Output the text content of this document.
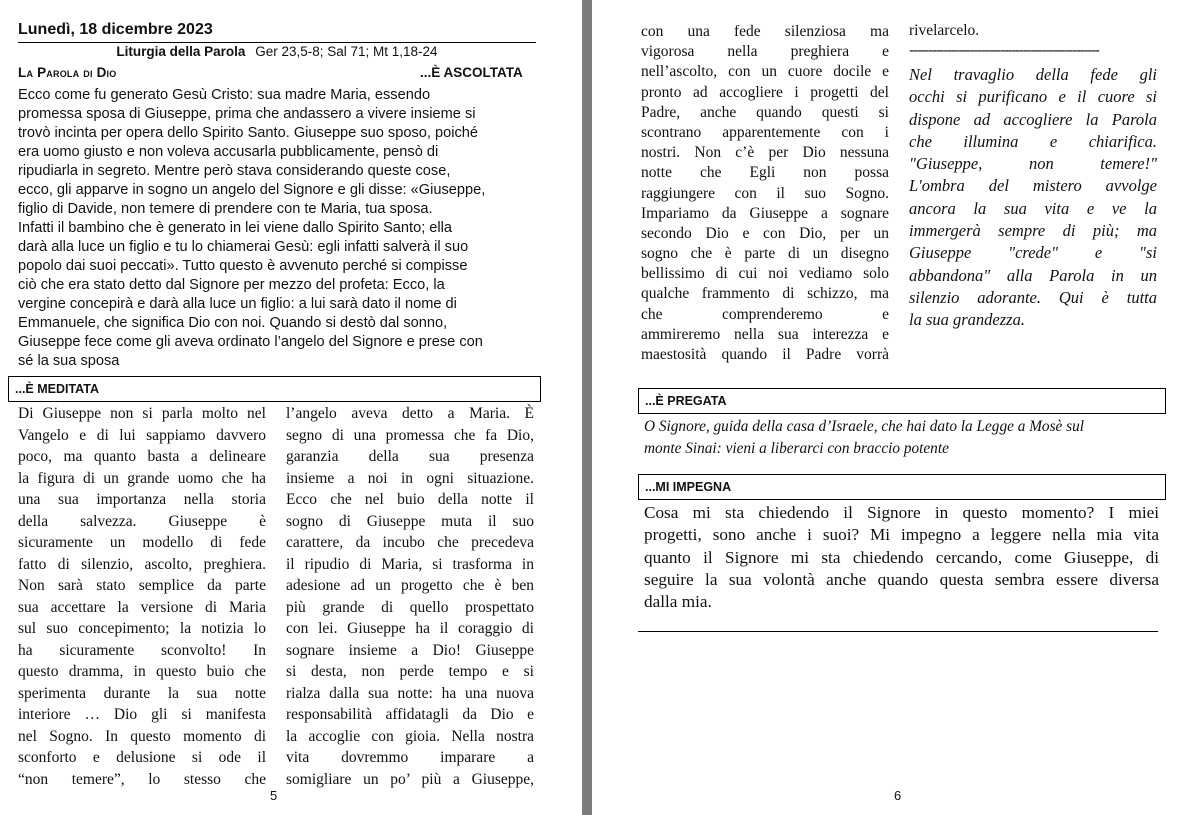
Lunedì, 18 dicembre 2023
Liturgia della Parola Ger 23,5-8; Sal 71; Mt 1,18-24
La Parola di Dio	...È ASCOLTATA
Ecco come fu generato Gesù Cristo: sua madre Maria, essendo
promessa sposa di Giuseppe, prima che andassero a vivere insieme si
trovò incinta per opera dello Spirito Santo. Giuseppe suo sposo, poiché
era uomo giusto e non voleva accusarla pubblicamente, pensò di
ripudiarla in segreto. Mentre però stava considerando queste cose,
ecco, gli apparve in sogno un angelo del Signore e gli disse: «Giuseppe,
figlio di Davide, non temere di prendere con te Maria, tua sposa.
Infatti il bambino che è generato in lei viene dallo Spirito Santo; ella
darà alla luce un figlio e tu lo chiamerai Gesù: egli infatti salverà il suo
popolo dai suoi peccati». Tutto questo è avvenuto perché si compisse
ciò che era stato detto dal Signore per mezzo del profeta: Ecco, la
vergine concepirà e darà alla luce un figlio: a lui sarà dato il nome di
Emmanuele, che significa Dio con noi. Quando si destò dal sonno,
Giuseppe fece come gli aveva ordinato l’angelo del Signore e prese con
sé la sua sposa
...È MEDITATA
Di Giuseppe non si parla molto nel
Vangelo e di lui sappiamo davvero
poco, ma quanto basta a delineare
la figura di un grande uomo che ha
una sua importanza nella storia
della salvezza. Giuseppe è
sicuramente un modello di fede
fatto di silenzio, ascolto, preghiera.
Non sarà stato semplice da parte
sua accettare la versione di Maria
sul suo concepimento; la notizia lo
ha sicuramente sconvolto! In
questo dramma, in questo buio che
sperimenta durante la sua notte
interiore … Dio gli si manifesta
nel Sogno. In questo momento di
sconforto e delusione si ode il
“non temere”, lo stesso che
l’angelo aveva detto a Maria. È
segno di una promessa che fa Dio,
garanzia della sua presenza
insieme a noi in ogni situazione.
Ecco che nel buio della notte il
sogno di Giuseppe muta il suo
carattere, da incubo che precedeva
il ripudio di Maria, si trasforma in
adesione ad un progetto che è ben
più grande di quello prospettato
con lei. Giuseppe ha il coraggio di
sognare insieme a Dio! Giuseppe
si desta, non perde tempo e si
rialza dalla sua notte: ha una nuova
responsabilità affidatagli da Dio e
la accoglie con gioia. Nella nostra
vita dovremmo imparare a
somigliare un po’ più a Giuseppe,
5
con una fede silenziosa ma
vigorosa nella preghiera e
nell’ascolto, con un cuore docile e
pronto ad accogliere i progetti del
Padre, anche quando questi si
scontrano apparentemente con i
nostri. Non c’è per Dio nessuna
notte che Egli non possa
raggiungere con il suo Sogno.
Impariamo da Giuseppe a sognare
secondo Dio e con Dio, per un
sogno che è parte di un disegno
bellissimo di cui noi vediamo solo
qualche frammento di schizzo, ma
che comprenderemo e
ammireremo nella sua interezza e
maestosità quando il Padre vorrà
rivelarcelo.
--------------------------------------------------
Nel travaglio della fede gli
occhi si purificano e il cuore si
dispone ad accogliere la Parola
che illumina e chiarifica.
"Giuseppe, non temere!"
L'ombra del mistero avvolge
ancora la sua vita e ve la
immergerà sempre di più; ma
Giuseppe "crede" e "si
abbandona" alla Parola in un
silenzio adorante. Qui è tutta
la sua grandezza.
...È PREGATA
O Signore, guida della casa d’Israele, che hai dato la Legge a Mosè sul
monte Sinai: vieni a liberarci con braccio potente
...MI IMPEGNA
Cosa mi sta chiedendo il Signore in questo momento? I miei
progetti, sono anche i suoi? Mi impegno a leggere nella mia vita
quanto il Signore mi sta chiedendo cercando, come Giuseppe, di
seguire la sua volontà anche quando questa sembra essere diversa
dalla mia.
6
